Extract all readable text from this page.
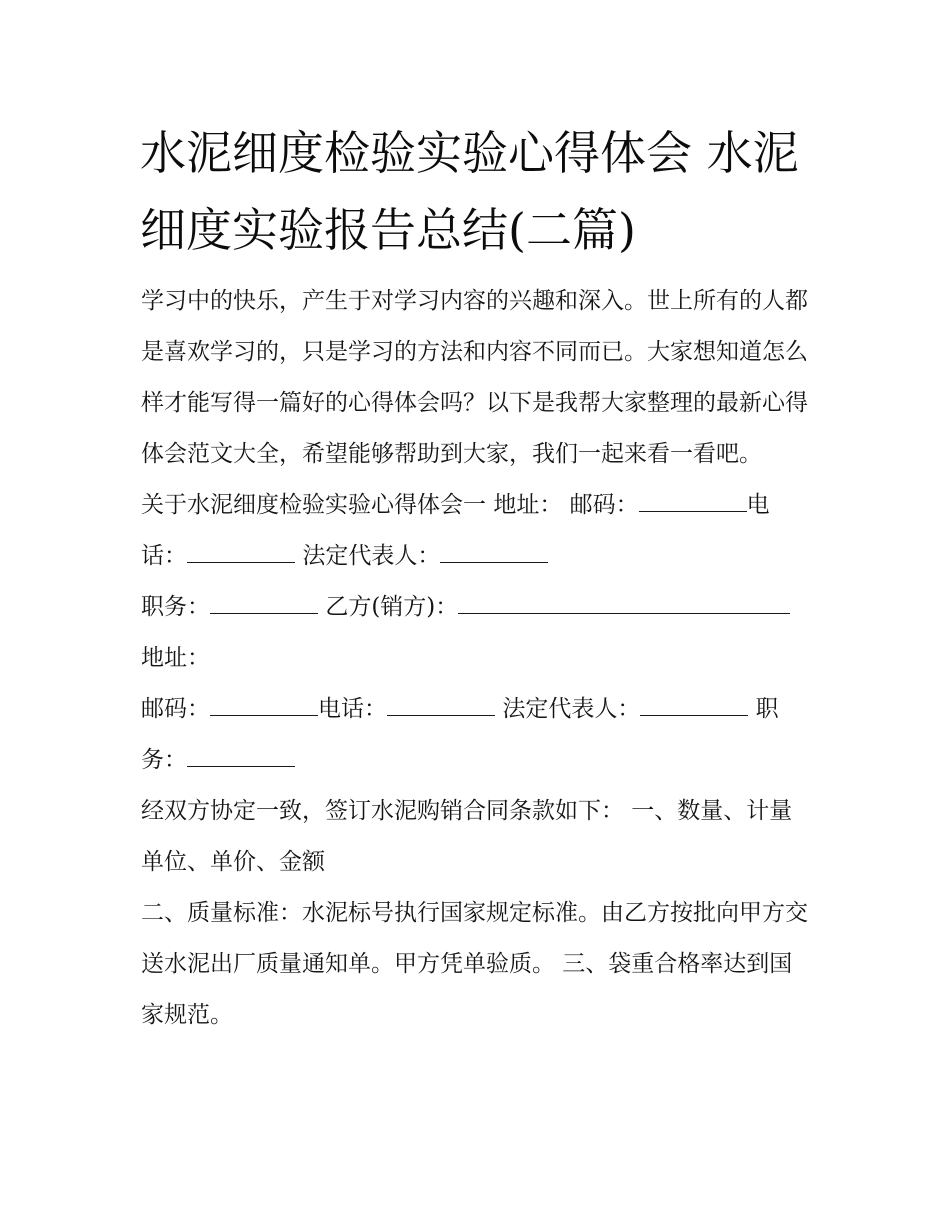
水泥细度检验实验心得体会 水泥细度实验报告总结(二篇)

学习中的快乐，产生于对学习内容的兴趣和深入。世上所有的人都是喜欢学习的，只是学习的方法和内容不同而已。大家想知道怎么样才能写得一篇好的心得体会吗？以下是我帮大家整理的最新心得体会范文大全，希望能够帮助到大家，我们一起来看一看吧。

关于水泥细度检验实验心得体会一 地址： 邮码：	电话：	法定代表人：

职务：	乙方(销方)：

地址：

邮码：	电话：	法定代表人：	职务：

经双方协定一致，签订水泥购销合同条款如下： 一、数量、计量单位、单价、金额

二、质量标准：水泥标号执行国家规定标准。由乙方按批向甲方交送水泥出厂质量通知单。甲方凭单验质。 三、袋重合格率达到国家规范。
